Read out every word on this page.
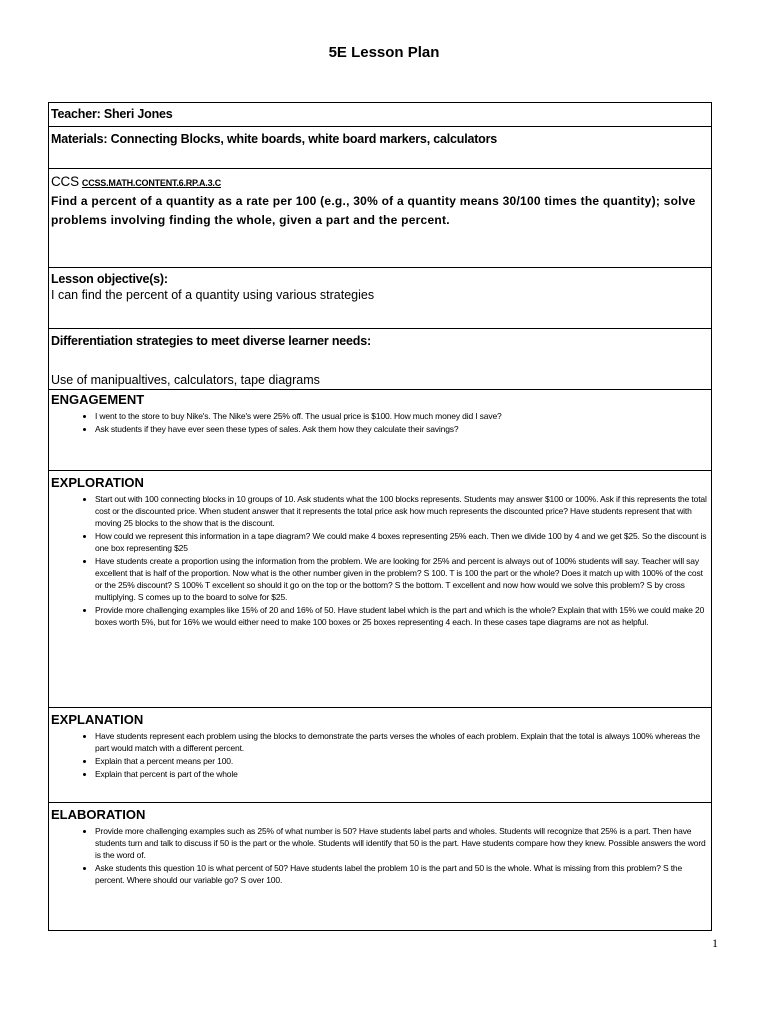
5E Lesson Plan
Teacher: Sheri Jones
Materials: Connecting Blocks, white boards, white board markers, calculators
CCS CCSS.MATH.CONTENT.6.RP.A.3.C
Find a percent of a quantity as a rate per 100 (e.g., 30% of a quantity means 30/100 times the quantity); solve problems involving finding the whole, given a part and the percent.
Lesson objective(s):
I can find the percent of a quantity using various strategies
Differentiation strategies to meet diverse learner needs:
Use of manipualtives, calculators, tape diagrams
ENGAGEMENT
• I went to the store to buy Nike's. The Nike's were 25% off. The usual price is $100. How much money did I save?
• Ask students if they have ever seen these types of sales. Ask them how they calculate their savings?
EXPLORATION
• Start out with 100 connecting blocks in 10 groups of 10. Ask students what the 100 blocks represents. Students may answer $100 or 100%. Ask if this represents the total cost or the discounted price. When student answer that it represents the total price ask how much represents the discounted price? Have students represent that with moving 25 blocks to the show that is the discount.
• How could we represent this information in a tape diagram? We could make 4 boxes representing 25% each. Then we divide 100 by 4 and we get $25. So the discount is one box representing $25
• Have students create a proportion using the information from the problem. We are looking for 25% and percent is always out of 100% students will say. Teacher will say excellent that is half of the proportion. Now what is the other number given in the problem? S 100. T is 100 the part or the whole? Does it match up with 100% of the cost or the 25% discount? S 100% T excellent so should it go on the top or the bottom? S the bottom. T excellent and now how would we solve this problem? S by cross multiplying. S comes up to the board to solve for $25.
• Provide more challenging examples like 15% of 20 and 16% of 50. Have student label which is the part and which is the whole? Explain that with 15% we could make 20 boxes worth 5%, but for 16% we would either need to make 100 boxes or 25 boxes representing 4 each. In these cases tape diagrams are not as helpful.
EXPLANATION
• Have students represent each problem using the blocks to demonstrate the parts verses the wholes of each problem. Explain that the total is always 100% whereas the part would match with a different percent.
• Explain that a percent means per 100.
• Explain that percent is part of the whole
ELABORATION
• Provide more challenging examples such as 25% of what number is 50? Have students label parts and wholes. Students will recognize that 25% is a part. Then have students turn and talk to discuss if 50 is the part or the whole. Students will identify that 50 is the part. Have students compare how they knew. Possible answers the word is the word of.
• Aske students this question 10 is what percent of 50? Have students label the problem 10 is the part and 50 is the whole. What is missing from this problem? S the percent. Where should our variable go? S over 100.
1
